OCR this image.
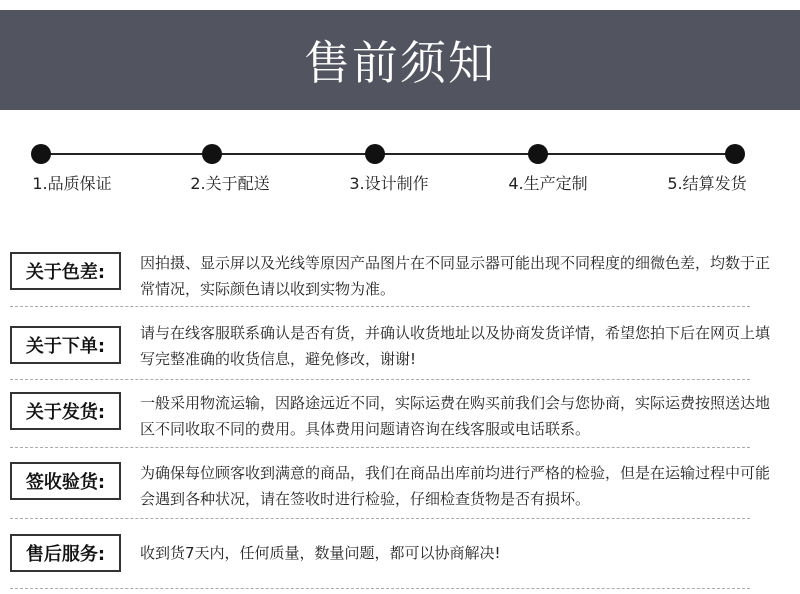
售前须知
1.品质保证	2.关于配送	3.设计制作	4.生产定制	5.结算发货
关于色差:	因拍摄、显示屏以及光线等原因产品图片在不同显示器可能出现不同程度的细微色差，均数于正常情况，实际颜色请以收到实物为准。
关于下单:
请与在线客服联系确认是否有货，并确认收货地址以及协商发货详情，希望您拍下后在网页上填写完整准确的收货信息，避免修改，谢谢!
关于发货:	一般采用物流运输，因路途远近不同，实际运费在购买前我们会与您协商，实际运费按照送达地区不同收取不同的费用。具体费用问题请咨询在线客服或电话联系。
签收验货:	为确保每位顾客收到满意的商品，我们在商品出库前均进行严格的检验，但是在运输过程中可能会遇到各种状况，请在签收时进行检验，仔细检查货物是否有损坏。
售后服务:	收到货7天内，任何质量，数量问题，都可以协商解决!
